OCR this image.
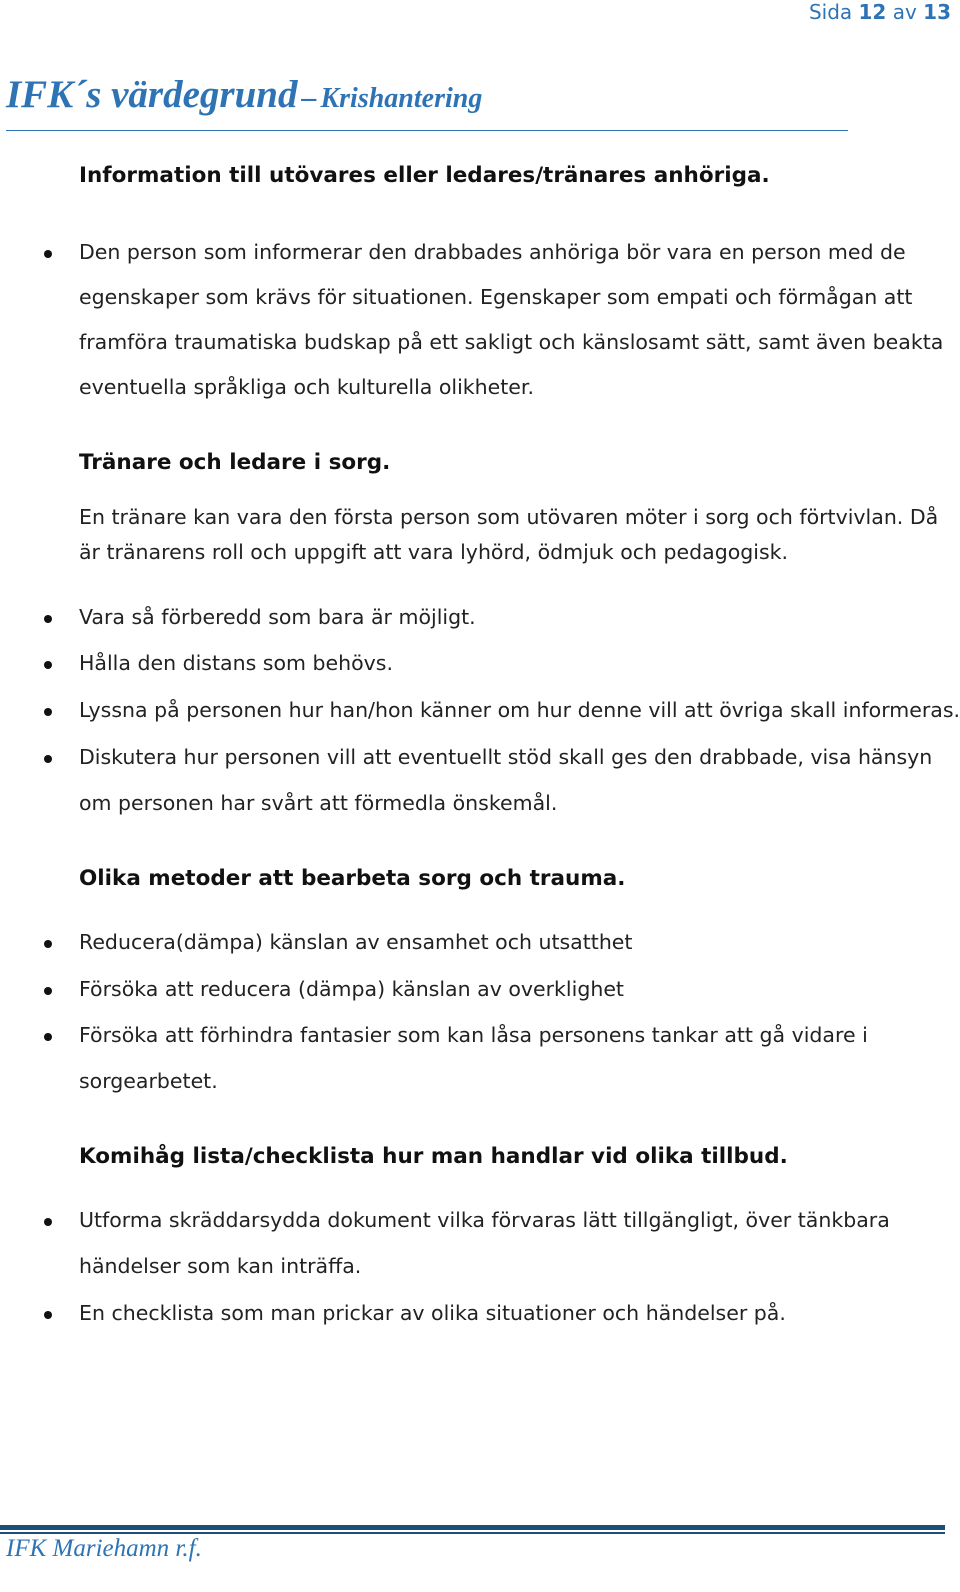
Sida 12 av 13
IFK´s värdegrund – Krishantering
Information till utövares eller ledares/tränares anhöriga.
Den person som informerar den drabbades anhöriga bör vara en person med de
egenskaper som krävs för situationen. Egenskaper som empati och förmågan att
framföra traumatiska budskap på ett sakligt och känslosamt sätt, samt även beakta
eventuella språkliga och kulturella olikheter.
Tränare och ledare i sorg.
En tränare kan vara den första person som utövaren möter i sorg och förtvivlan. Då
är tränarens roll och uppgift att vara lyhörd, ödmjuk och pedagogisk.
Vara så förberedd som bara är möjligt.
Hålla den distans som behövs.
Lyssna på personen hur han/hon känner om hur denne vill att övriga skall informeras.
Diskutera hur personen vill att eventuellt stöd skall ges den drabbade, visa hänsyn
om personen har svårt att förmedla önskemål.
Olika metoder att bearbeta sorg och trauma.
Reducera(dämpa) känslan av ensamhet och utsatthet
Försöka att reducera (dämpa) känslan av overklighet
Försöka att förhindra fantasier som kan låsa personens tankar att gå vidare i
sorgearbetet.
Komihåg lista/checklista hur man handlar vid olika tillbud.
Utforma skräddarsydda dokument vilka förvaras lätt tillgängligt, över tänkbara
händelser som kan inträffa.
En checklista som man prickar av olika situationer och händelser på.
IFK Mariehamn r.f.
